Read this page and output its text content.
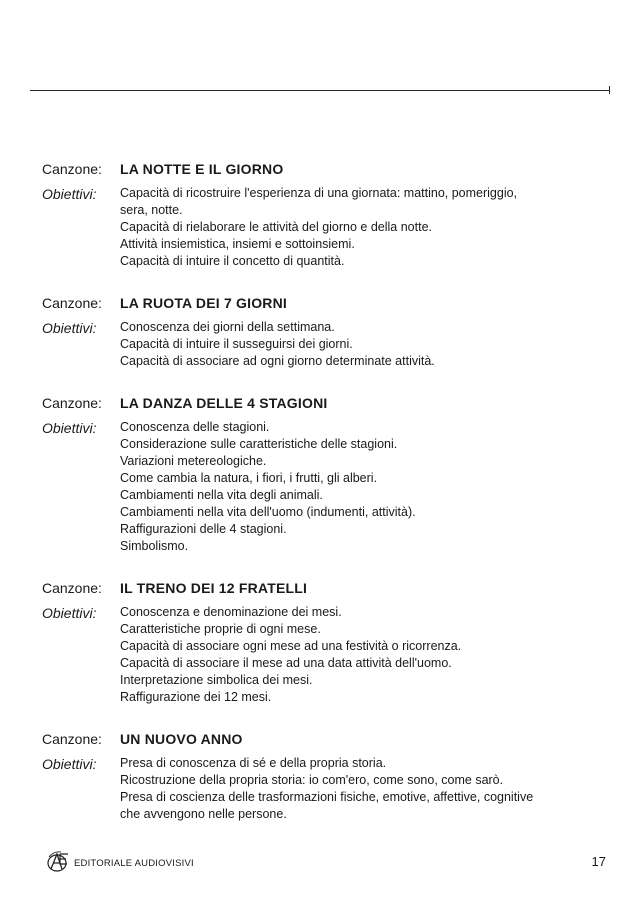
Canzone:	LA NOTTE E IL GIORNO
Obiettivi:	Capacità di ricostruire l'esperienza di una giornata: mattino, pomeriggio,
sera, notte.
Capacità di rielaborare le attività del giorno e della notte.
Attività insiemistica, insiemi e sottoinsiemi.
Capacità di intuire il concetto di quantità.
Canzone:	LA RUOTA DEI 7 GIORNI
Obiettivi:	Conoscenza dei giorni della settimana.
Capacità di intuire il susseguirsi dei giorni.
Capacità di associare ad ogni giorno determinate attività.
Canzone:	LA DANZA DELLE 4 STAGIONI
Obiettivi:	Conoscenza delle stagioni.
Considerazione sulle caratteristiche delle stagioni.
Variazioni metereologiche.
Come cambia la natura, i fiori, i frutti, gli alberi.
Cambiamenti nella vita degli animali.
Cambiamenti nella vita dell'uomo (indumenti, attività).
Raffigurazioni delle 4 stagioni.
Simbolismo.
Canzone:	IL TRENO DEI 12 FRATELLI
Obiettivi:	Conoscenza e denominazione dei mesi.
Caratteristiche proprie di ogni mese.
Capacità di associare ogni mese ad una festività o ricorrenza.
Capacità di associare il mese ad una data attività dell'uomo.
Interpretazione simbolica dei mesi.
Raffigurazione dei 12 mesi.
Canzone:	UN NUOVO ANNO
Obiettivi:	Presa di conoscenza di sé e della propria storia.
Ricostruzione della propria storia: io com'ero, come sono, come sarò.
Presa di coscienza delle trasformazioni fisiche, emotive, affettive, cognitive
che avvengono nelle persone.
EDITORIALE AUDIOVISIVI	17
